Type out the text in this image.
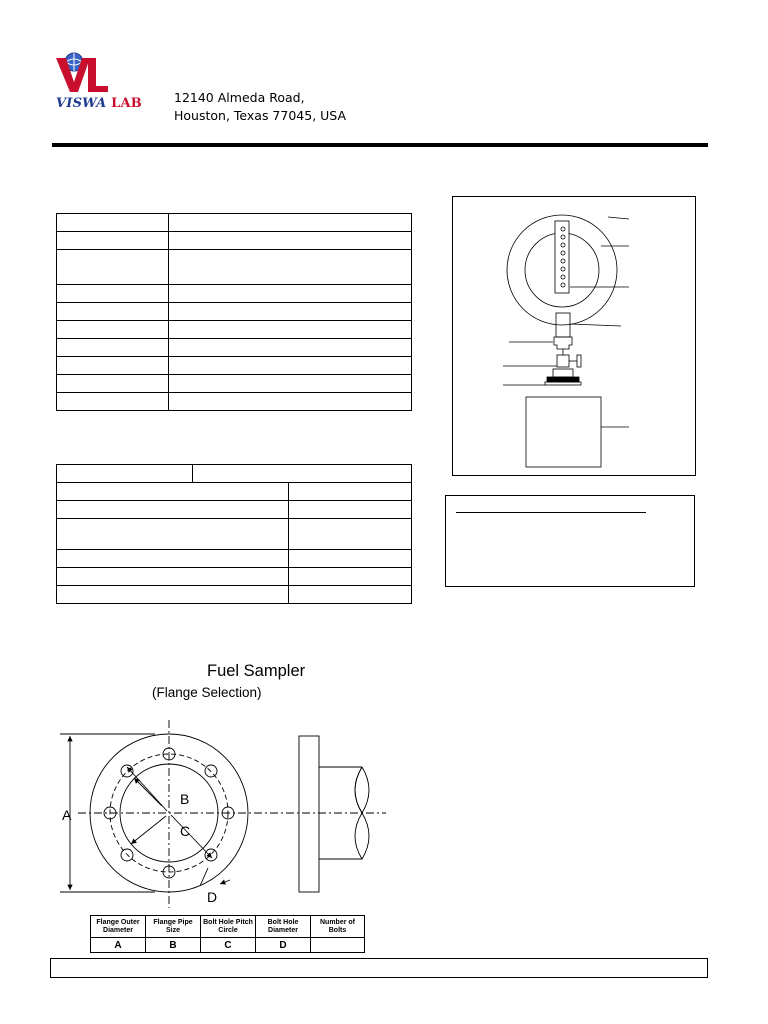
VISWA LAB	12140 Almeda Road,
Houston, Texas 77045, USA

Fuel Sampler
(Flange Selection)
A
B
C
D
Flange Outer Diameter	Flange Pipe Size	Bolt Hole Pitch Circle	Bolt Hole Diameter	Number of Bolts
A	B	C	D	
